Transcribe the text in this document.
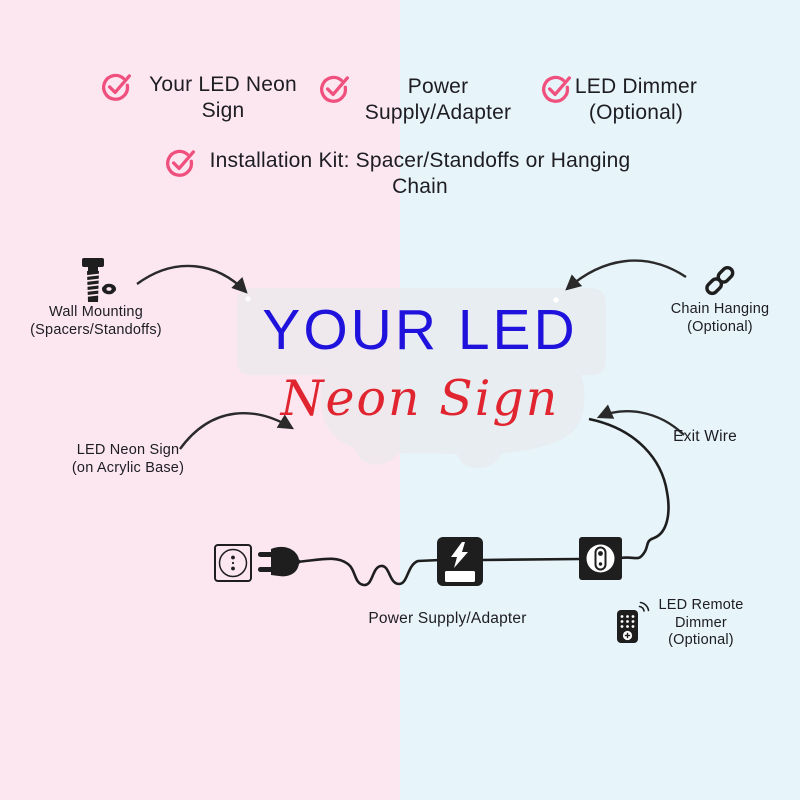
Your LED Neon
Sign
Power
Supply/Adapter
LED Dimmer
(Optional)
Installation Kit: Spacer/Standoffs or Hanging
Chain
YOUR LED
Neon Sign
Wall Mounting
(Spacers/Standoffs)
Chain Hanging
(Optional)
LED Neon Sign
(on Acrylic Base)
Exit Wire
Power Supply/Adapter
LED Remote
Dimmer
(Optional)
